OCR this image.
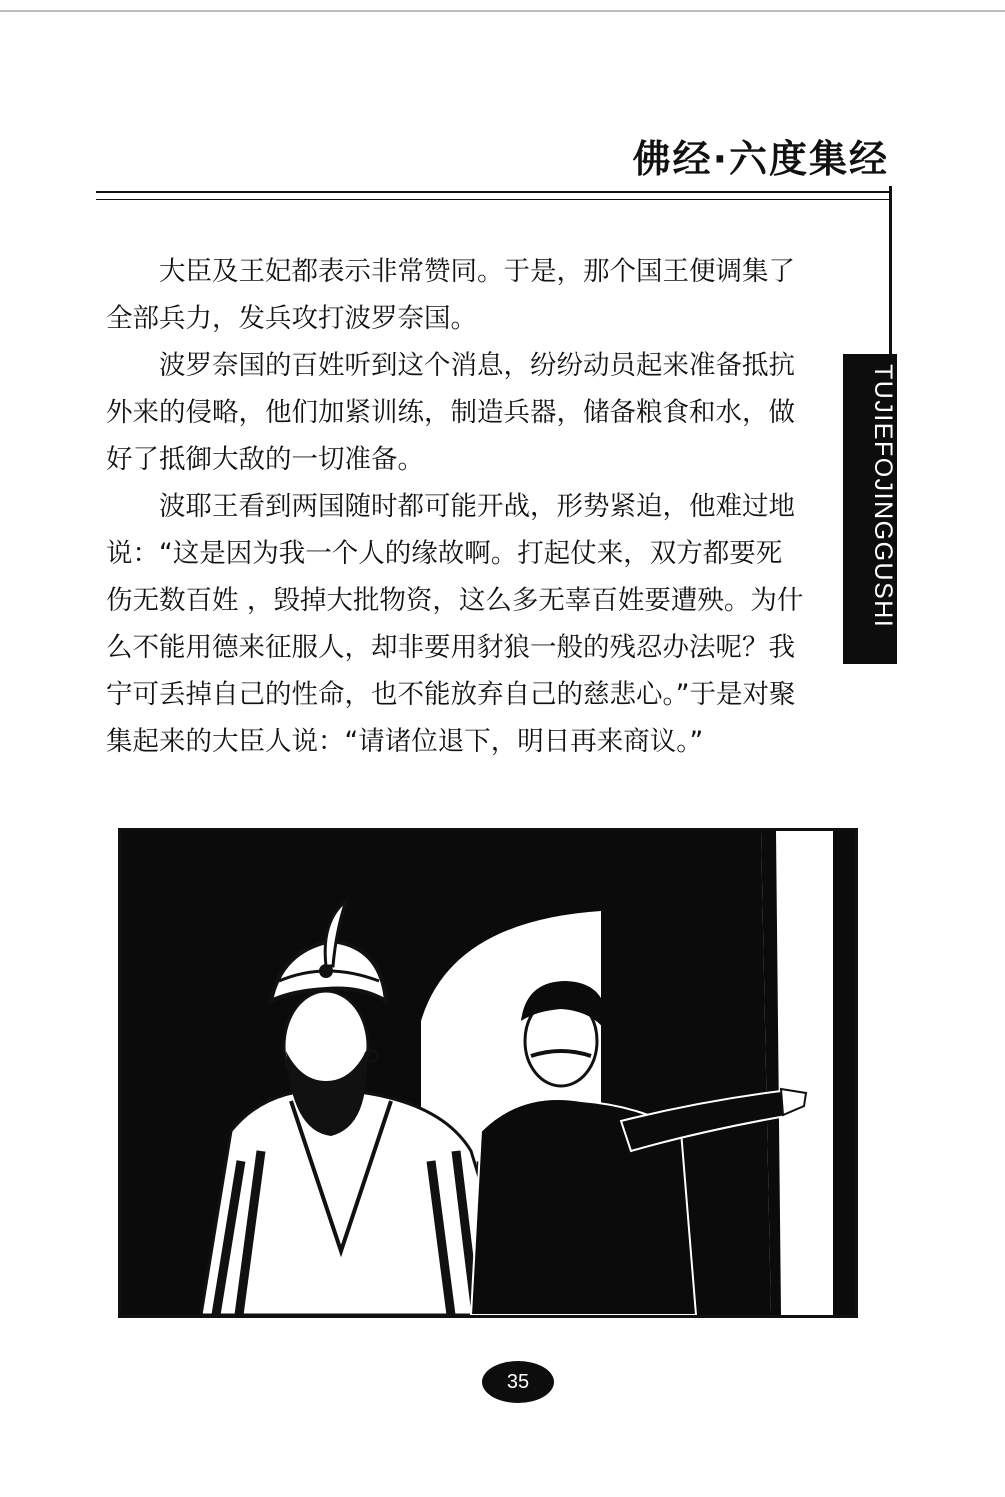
佛经·六度集经
TUJIEFOJINGGUSHI

大臣及王妃都表示非常赞同。于是，那个国王便调集了全部兵力，发兵攻打波罗奈国。

波罗奈国的百姓听到这个消息，纷纷动员起来准备抵抗外来的侵略，他们加紧训练，制造兵器，储备粮食和水，做好了抵御大敌的一切准备。

波耶王看到两国随时都可能开战，形势紧迫，他难过地说：“这是因为我一个人的缘故啊。打起仗来，双方都要死伤无数百姓 ，毁掉大批物资，这么多无辜百姓要遭殃。为什么不能用德来征服人，却非要用豺狼一般的残忍办法呢？我宁可丢掉自己的性命，也不能放弃自己的慈悲心。”于是对聚集起来的大臣人说：“请诸位退下，明日再来商议。”

35
